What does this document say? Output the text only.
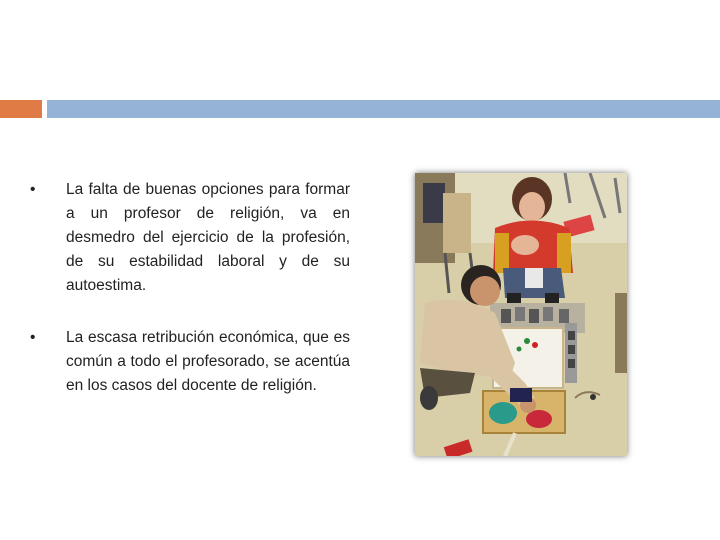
•	La falta de buenas opciones para formar a un profesor de religión, va en desmedro del ejercicio de la profesión, de su estabilidad laboral y de su autoestima.
•	La escasa retribución económica, que es común a todo el profesorado, se acentúa en los casos del docente de religión.
